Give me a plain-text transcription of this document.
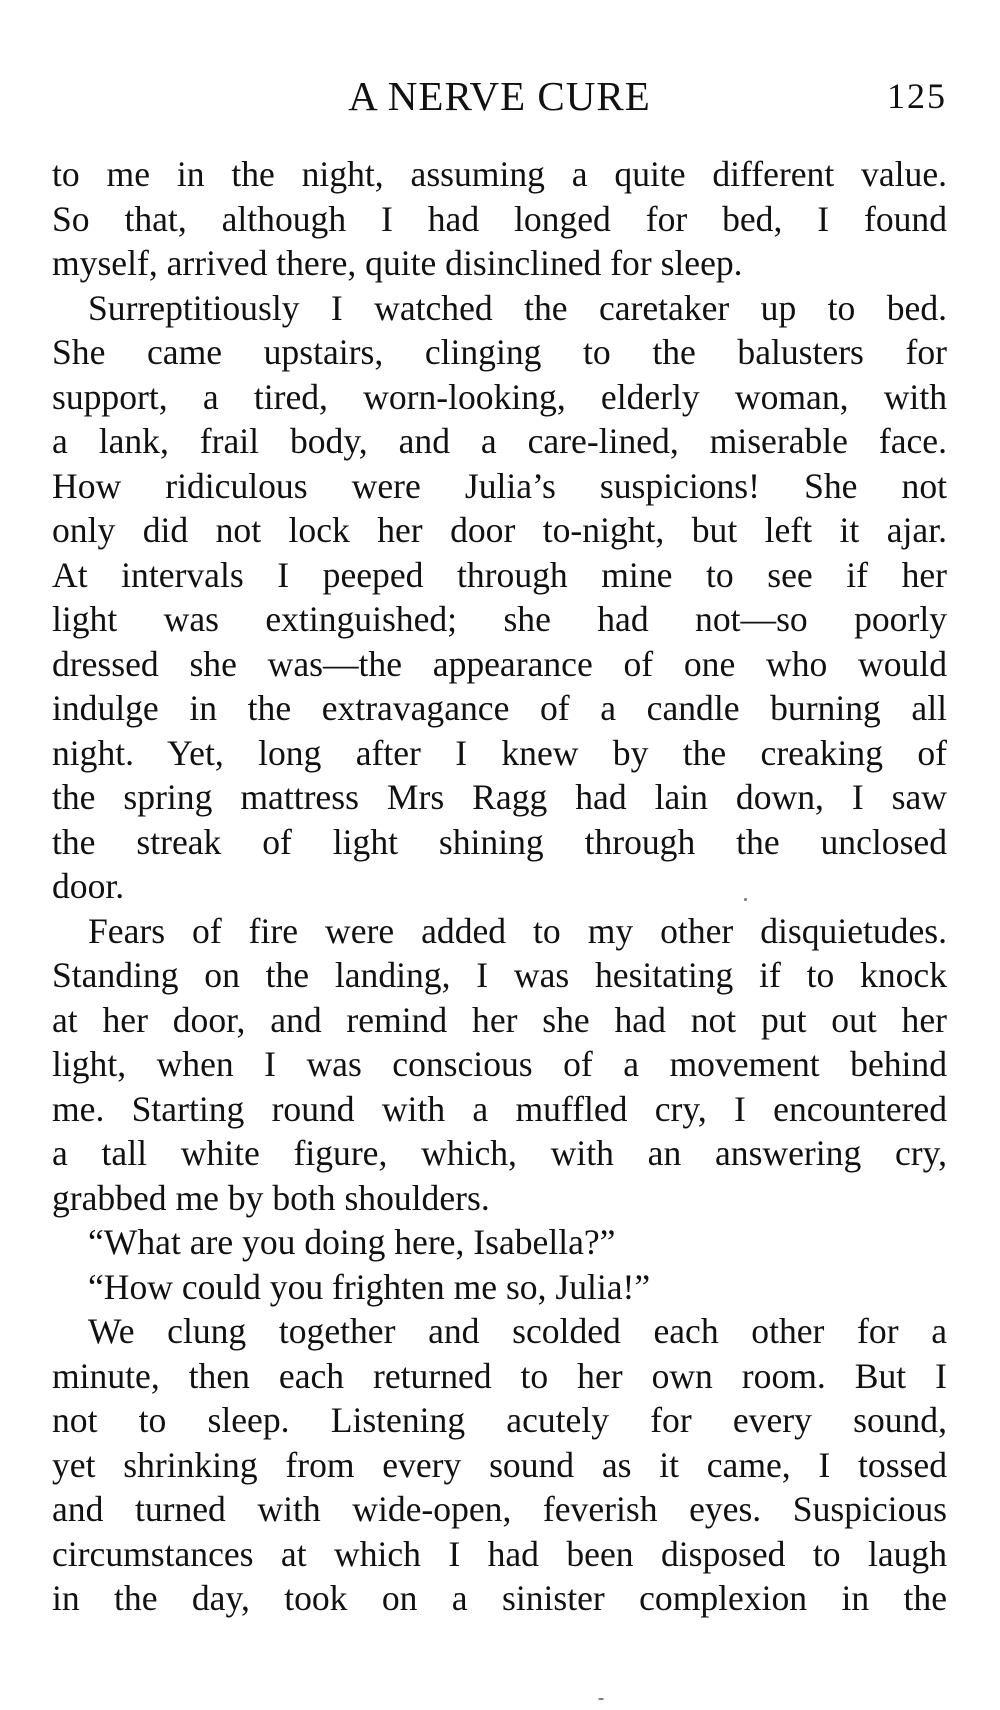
A NERVE CURE	125
to me in the night, assuming a quite different value.
So that, although I had longed for bed, I found
myself, arrived there, quite disinclined for sleep.
Surreptitiously I watched the caretaker up to bed.
She came upstairs, clinging to the balusters for
support, a tired, worn-looking, elderly woman, with
a lank, frail body, and a care-lined, miserable face.
How ridiculous were Julia’s suspicions! She not
only did not lock her door to-night, but left it ajar.
At intervals I peeped through mine to see if her
light was extinguished; she had not—so poorly
dressed she was—the appearance of one who would
indulge in the extravagance of a candle burning all
night. Yet, long after I knew by the creaking of
the spring mattress Mrs Ragg had lain down, I saw
the streak of light shining through the unclosed
door.
Fears of fire were added to my other disquietudes.
Standing on the landing, I was hesitating if to knock
at her door, and remind her she had not put out her
light, when I was conscious of a movement behind
me. Starting round with a muffled cry, I encountered
a tall white figure, which, with an answering cry,
grabbed me by both shoulders.
“What are you doing here, Isabella?”
“How could you frighten me so, Julia!”
We clung together and scolded each other for a
minute, then each returned to her own room. But I
not to sleep. Listening acutely for every sound,
yet shrinking from every sound as it came, I tossed
and turned with wide-open, feverish eyes. Suspicious
circumstances at which I had been disposed to laugh
in the day, took on a sinister complexion in the
